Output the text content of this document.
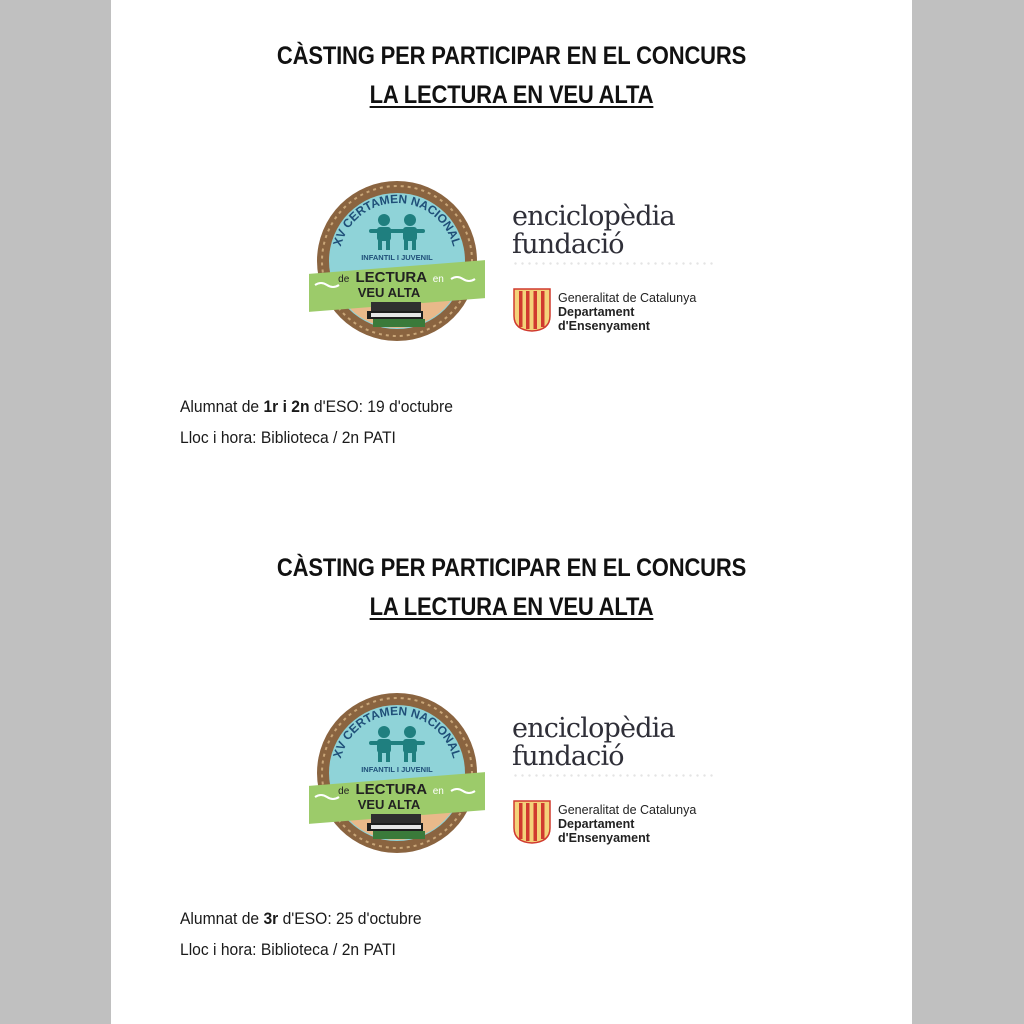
CÀSTING PER PARTICIPAR EN EL CONCURS
LA LECTURA EN VEU ALTA
XV CERTAMEN NACIONAL
INFANTIL I JUVENIL
de LECTURA en
VEU ALTA
enciclopèdia
fundació
Generalitat de Catalunya
Departament
d'Ensenyament
Alumnat de 1r i 2n d'ESO: 19 d'octubre
Lloc i hora: Biblioteca / 2n PATI
CÀSTING PER PARTICIPAR EN EL CONCURS
LA LECTURA EN VEU ALTA
XV CERTAMEN NACIONAL
INFANTIL I JUVENIL
de LECTURA en
VEU ALTA
enciclopèdia
fundació
Generalitat de Catalunya
Departament
d'Ensenyament
Alumnat de 3r d'ESO: 25 d'octubre
Lloc i hora: Biblioteca / 2n PATI
